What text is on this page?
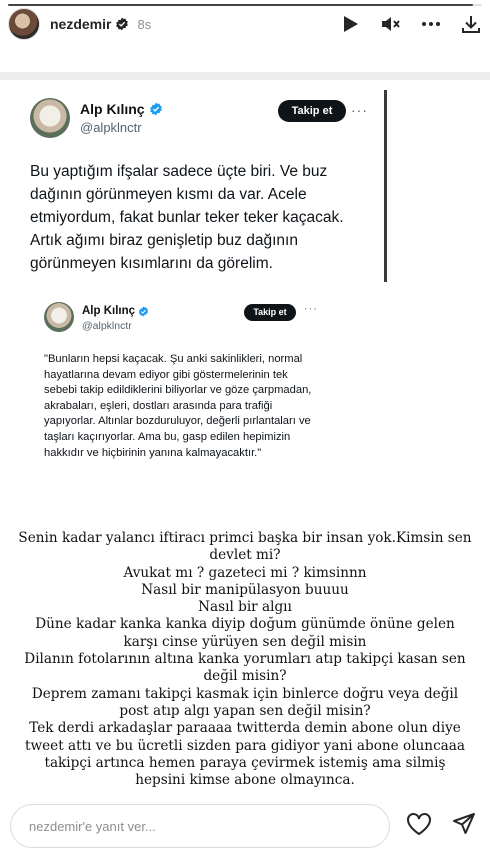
nezdemir 8s
Alp Kılınç
@alpklnctr
Takip et	···
Bu yaptığım ifşalar sadece üçte biri. Ve buz dağının görünmeyen kısmı da var. Acele etmiyordum, fakat bunlar teker teker kaçacak. Artık ağımı biraz genişletip buz dağının görünmeyen kısımlarını da görelim.
Alp Kılınç
@alpklnctr
Takip et	···
"Bunların hepsi kaçacak. Şu anki sakinlikleri, normal hayatlarına devam ediyor gibi göstermelerinin tek sebebi takip edildiklerini biliyorlar ve göze çarpmadan, akrabaları, eşleri, dostları arasında para trafiği yapıyorlar. Altınlar bozduruluyor, değerli pırlantaları ve taşları kaçırıyorlar. Ama bu, gasp edilen hepimizin hakkıdır ve hiçbirinin yanına kalmayacaktır."
Senin kadar yalancı iftiracı primci başka bir insan yok.Kimsin sen devlet mi?
Avukat mı ? gazeteci mi ? kimsinnn
Nasıl bir manipülasyon buuuu
Nasıl bir algıı
Düne kadar kanka kanka diyip doğum günümde önüne gelen karşı cinse yürüyen sen değil misin
Dilanın fotolarının altına kanka yorumları atıp takipçi kasan sen değil misin?
Deprem zamanı takipçi kasmak için binlerce doğru veya değil post atıp algı yapan sen değil misin?
Tek derdi arkadaşlar paraaaa twitterda demin abone olun diye tweet attı ve bu ücretli sizden para gidiyor yani abone oluncaaa takipçi artınca hemen paraya çevirmek istemiş ama silmiş hepsini kimse abone olmayınca.
nezdemir'e yanıt ver...
